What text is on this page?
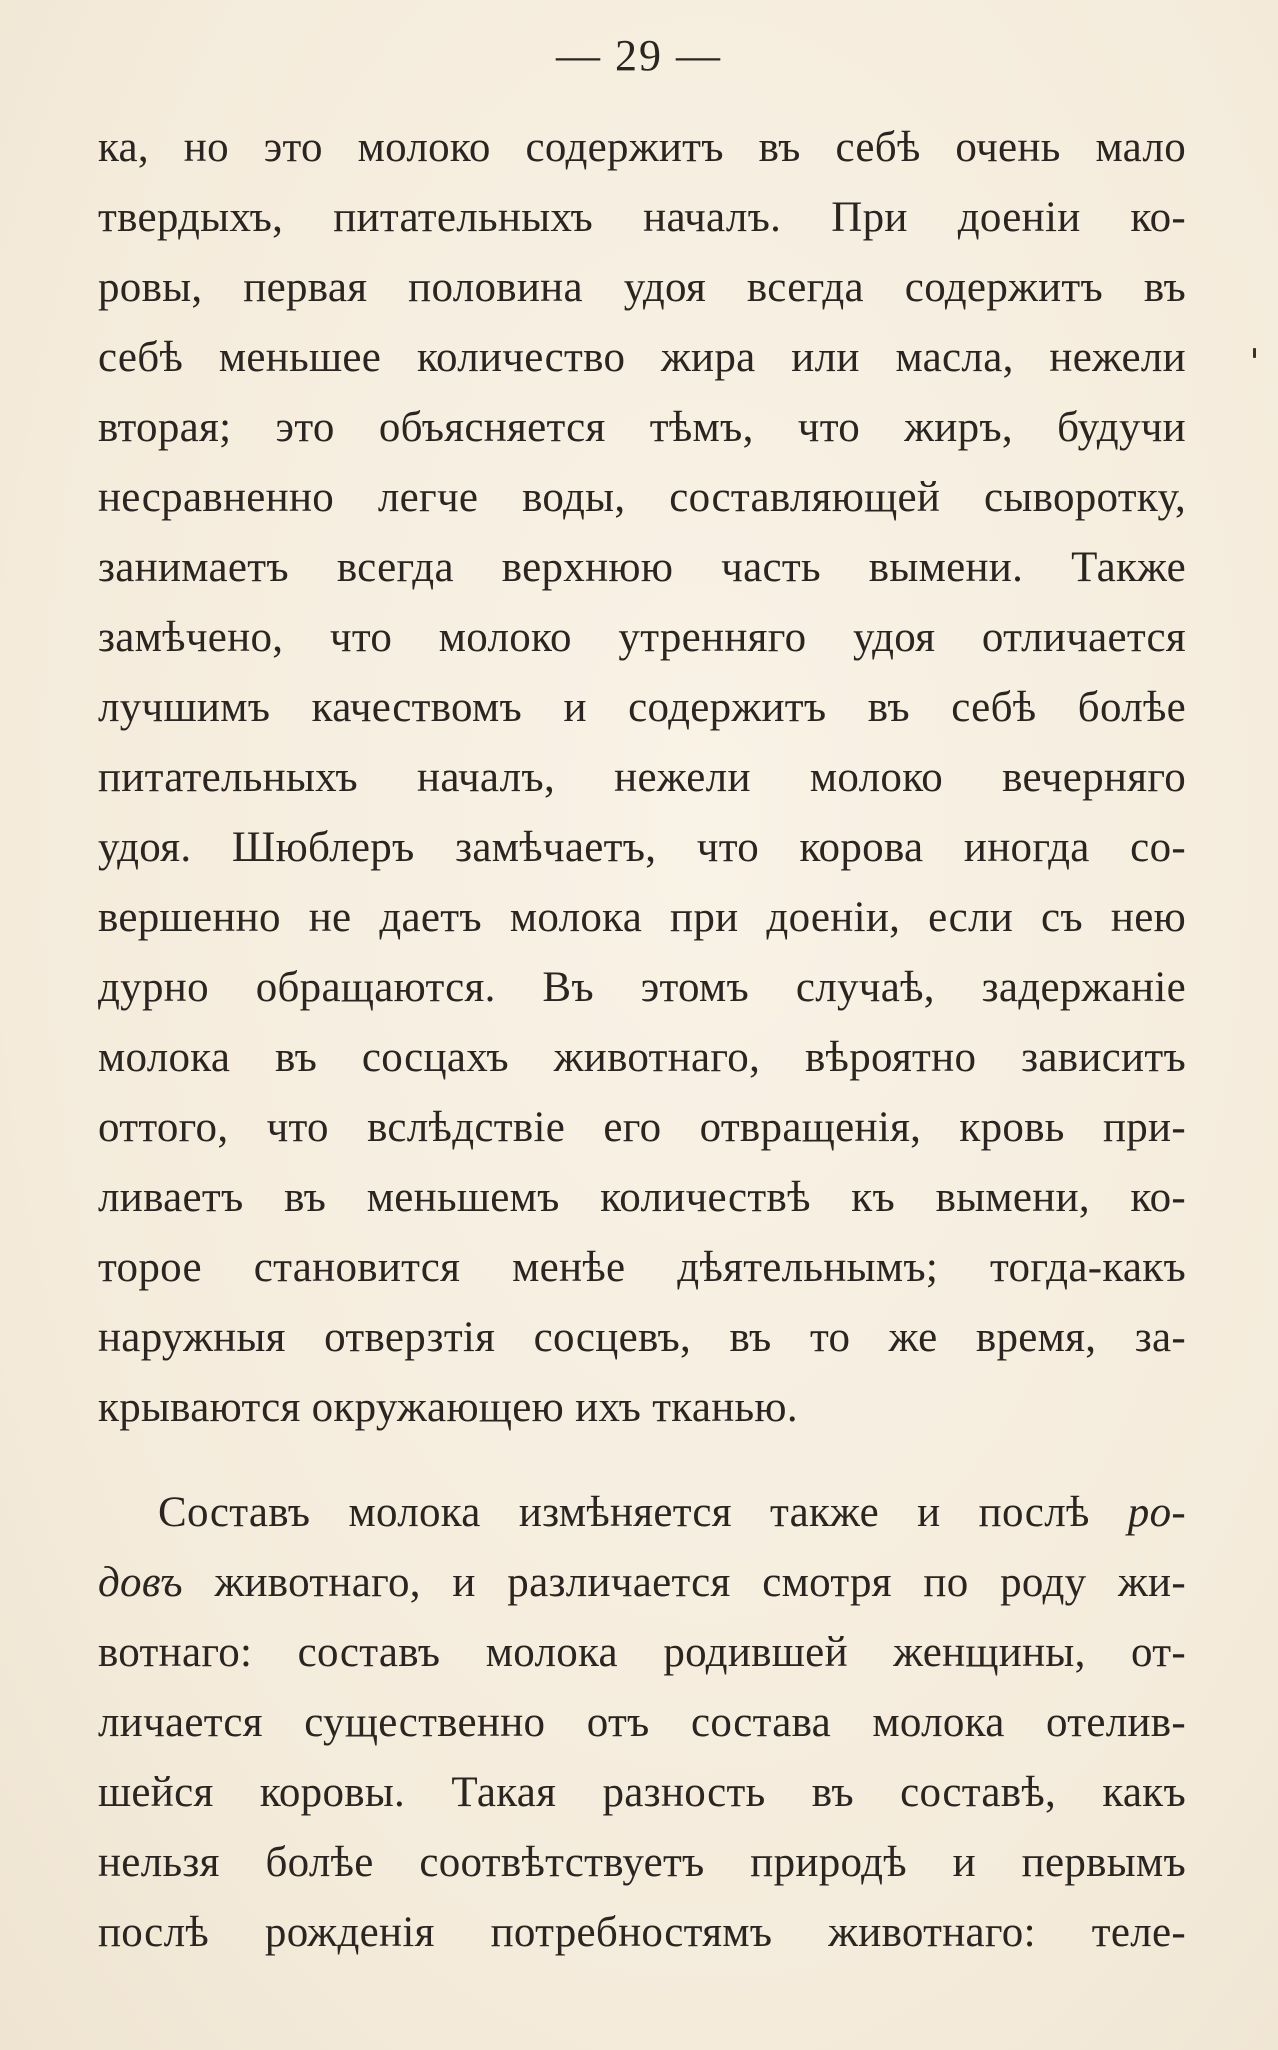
— 29 —
ка, но это молоко содержитъ въ себѣ очень мало
твердыхъ, питательныхъ началъ. При доеніи ко-
ровы, первая половина удоя всегда содержитъ въ
себѣ меньшее количество жира или масла, нежели
вторая; это объясняется тѣмъ, что жиръ, будучи
несравненно легче воды, составляющей сыворотку,
занимаетъ всегда верхнюю часть вымени. Также
замѣчено, что молоко утренняго удоя отличается
лучшимъ качествомъ и содержитъ въ себѣ болѣе
питательныхъ началъ, нежели молоко вечерняго
удоя. Шюблеръ замѣчаетъ, что корова иногда со-
вершенно не даетъ молока при доеніи, если съ нею
дурно обращаются. Въ этомъ случаѣ, задержаніе
молока въ сосцахъ животнаго, вѣроятно зависитъ
оттого, что вслѣдствіе его отвращенія, кровь при-
ливаетъ въ меньшемъ количествѣ къ вымени, ко-
торое становится менѣе дѣятельнымъ; тогда-какъ
наружныя отверзтія сосцевъ, въ то же время, за-
крываются окружающею ихъ тканью.
Составъ молока измѣняется также и послѣ ро-
довъ животнаго, и различается смотря по роду жи-
вотнаго: составъ молока родившей женщины, от-
личается существенно отъ состава молока отелив-
шейся коровы. Такая разность въ составѣ, какъ
нельзя болѣе соотвѣтствуетъ природѣ и первымъ
послѣ рожденія потребностямъ животнаго: теле-
